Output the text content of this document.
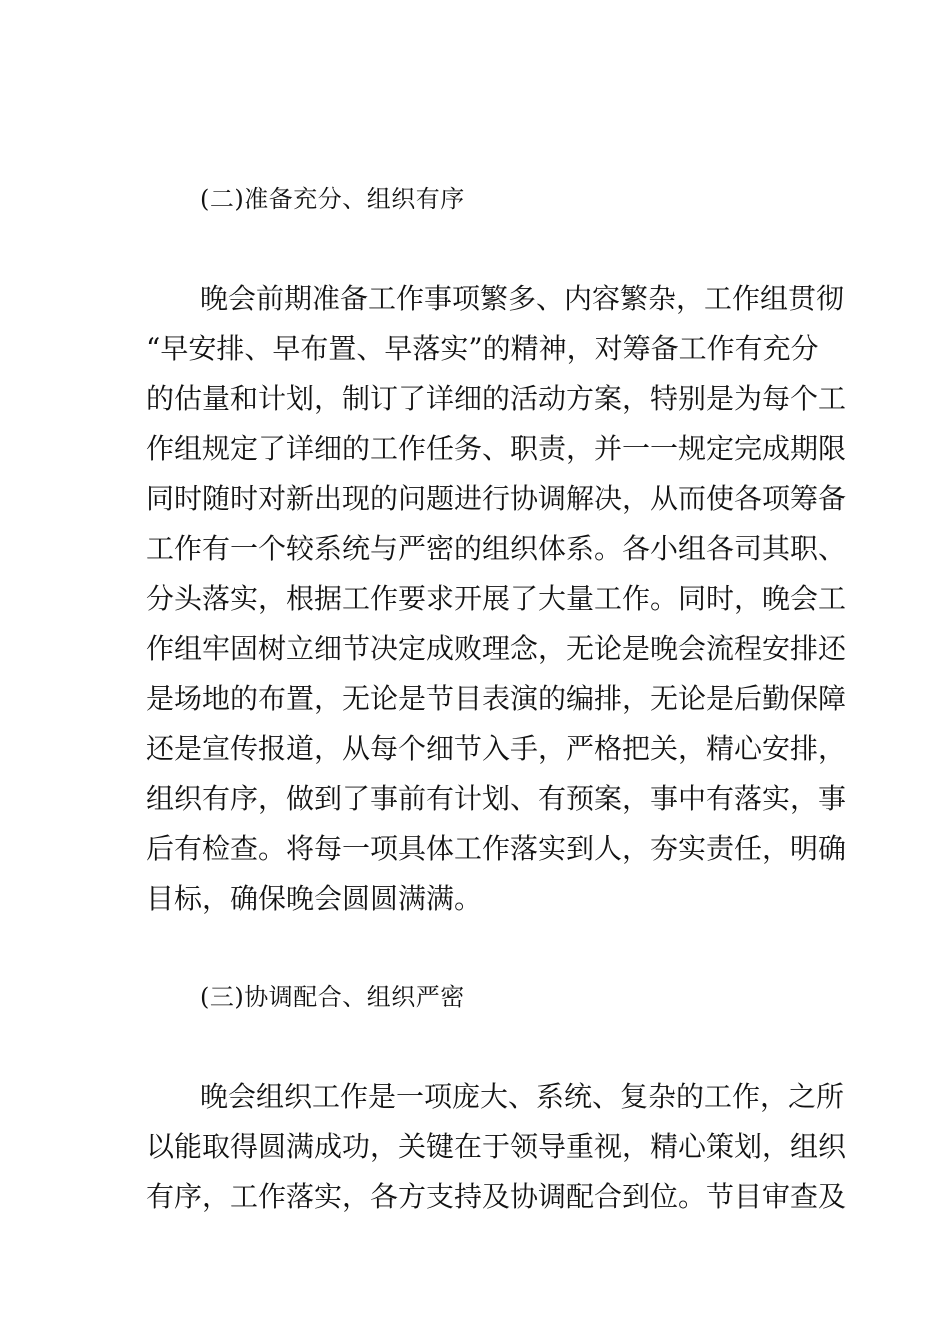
(二)准备充分、组织有序
晚会前期准备工作事项繁多、内容繁杂，工作组贯彻
“早安排、早布置、早落实”的精神，对筹备工作有充分
的估量和计划，制订了详细的活动方案，特别是为每个工
作组规定了详细的工作任务、职责，并一一规定完成期限
同时随时对新出现的问题进行协调解决，从而使各项筹备
工作有一个较系统与严密的组织体系。各小组各司其职、
分头落实，根据工作要求开展了大量工作。同时，晚会工
作组牢固树立细节决定成败理念，无论是晚会流程安排还
是场地的布置，无论是节目表演的编排，无论是后勤保障
还是宣传报道，从每个细节入手，严格把关，精心安排，
组织有序，做到了事前有计划、有预案，事中有落实，事
后有检查。将每一项具体工作落实到人，夯实责任，明确
目标，确保晚会圆圆满满。
(三)协调配合、组织严密
晚会组织工作是一项庞大、系统、复杂的工作，之所
以能取得圆满成功，关键在于领导重视，精心策划，组织
有序，工作落实，各方支持及协调配合到位。节目审查及
